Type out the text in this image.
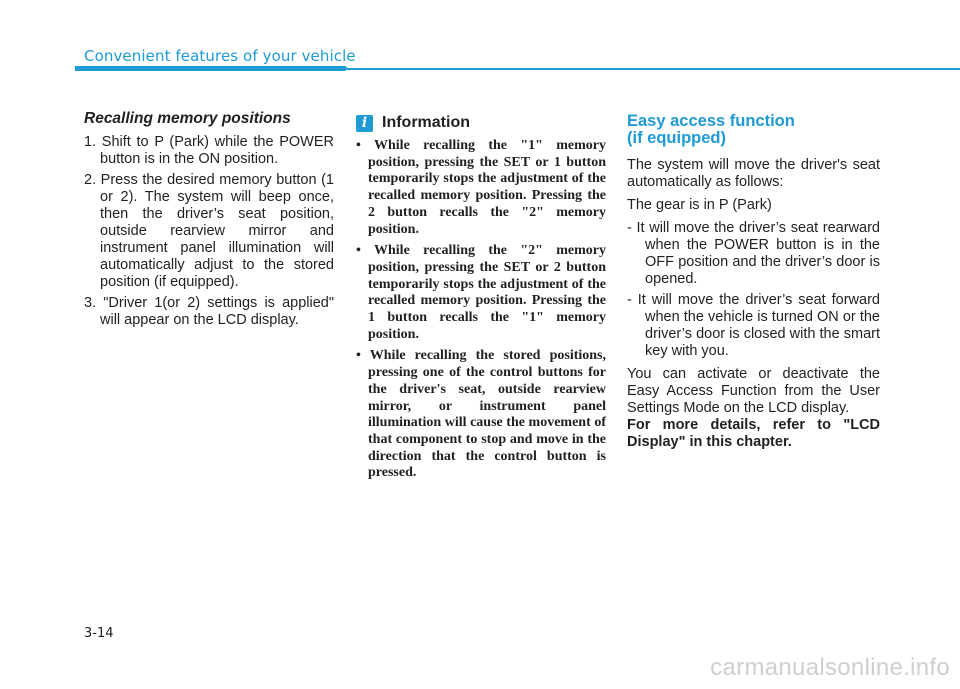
Convenient features of your vehicle
Recalling memory positions
1. Shift to P (Park) while the POWER button is in the ON position.
2. Press the desired memory button (1 or 2). The system will beep once, then the driver’s seat position, outside rearview mirror and instrument panel illumination will automatically adjust to the stored position (if equipped).
3. "Driver 1(or 2) settings is applied" will appear on the LCD display.
i Information
• While recalling the "1" memory position, pressing the SET or 1 button temporarily stops the adjustment of the recalled memory position. Pressing the 2 button recalls the "2" memory position.
• While recalling the "2" memory position, pressing the SET or 2 button temporarily stops the adjustment of the recalled memory position. Pressing the 1 button recalls the "1" memory position.
• While recalling the stored positions, pressing one of the control buttons for the driver's seat, outside rearview mirror, or instrument panel illumination will cause the movement of that component to stop and move in the direction that the control button is pressed.
Easy access function
(if equipped)

The system will move the driver's seat automatically as follows:

The gear is in P (Park)

- It will move the driver’s seat rearward when the POWER button is in the OFF position and the driver’s door is opened.
- It will move the driver’s seat forward when the vehicle is turned ON or the driver’s door is closed with the smart key with you.

You can activate or deactivate the Easy Access Function from the User Settings Mode on the LCD display.

For more details, refer to "LCD Display" in this chapter.

3-14
carmanualsonline.info
